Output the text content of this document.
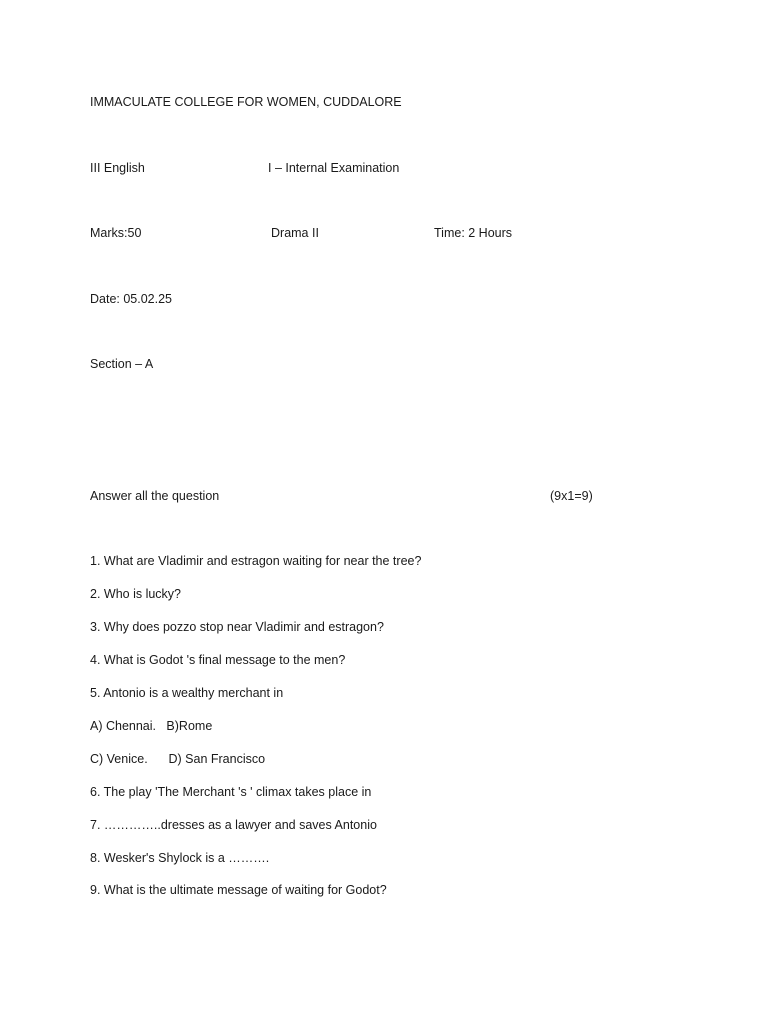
IMMACULATE COLLEGE FOR WOMEN, CUDDALORE
III English	I – Internal Examination
Marks:50	Drama II	Time: 2 Hours
Date: 05.02.25
Section – A
Answer all the question	(9x1=9)
1. What are Vladimir and estragon waiting for near the tree?
2. Who is lucky?
3. Why does pozzo stop near Vladimir and estragon?
4. What is Godot 's final message to the men?
5. Antonio is a wealthy merchant in
A) Chennai.   B)Rome
C) Venice.      D) San Francisco
6. The play 'The Merchant 's ' climax takes place in
7. …………..dresses as a lawyer and saves Antonio
8. Wesker's Shylock is a ……….
9. What is the ultimate message of waiting for Godot?
